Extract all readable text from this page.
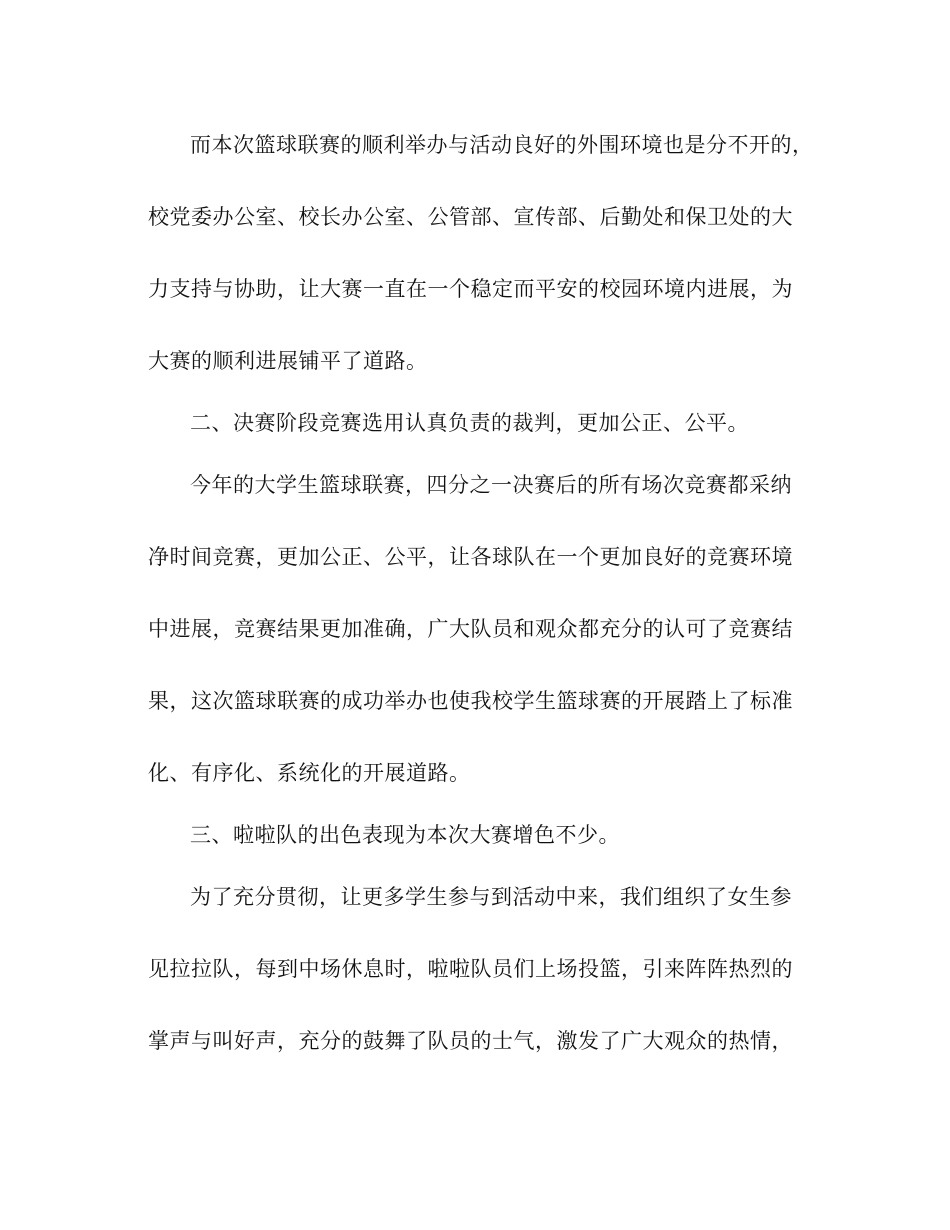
而本次篮球联赛的顺利举办与活动良好的外围环境也是分不开的，
校党委办公室、校长办公室、公管部、宣传部、后勤处和保卫处的大
力支持与协助，让大赛一直在一个稳定而平安的校园环境内进展，为
大赛的顺利进展铺平了道路。
二、决赛阶段竞赛选用认真负责的裁判，更加公正、公平。
今年的大学生篮球联赛，四分之一决赛后的所有场次竞赛都采纳
净时间竞赛，更加公正、公平，让各球队在一个更加良好的竞赛环境
中进展，竞赛结果更加准确，广大队员和观众都充分的认可了竞赛结
果，这次篮球联赛的成功举办也使我校学生篮球赛的开展踏上了标准
化、有序化、系统化的开展道路。
三、啦啦队的出色表现为本次大赛增色不少。
为了充分贯彻，让更多学生参与到活动中来，我们组织了女生参
见拉拉队，每到中场休息时，啦啦队员们上场投篮，引来阵阵热烈的
掌声与叫好声，充分的鼓舞了队员的士气，激发了广大观众的热情，
